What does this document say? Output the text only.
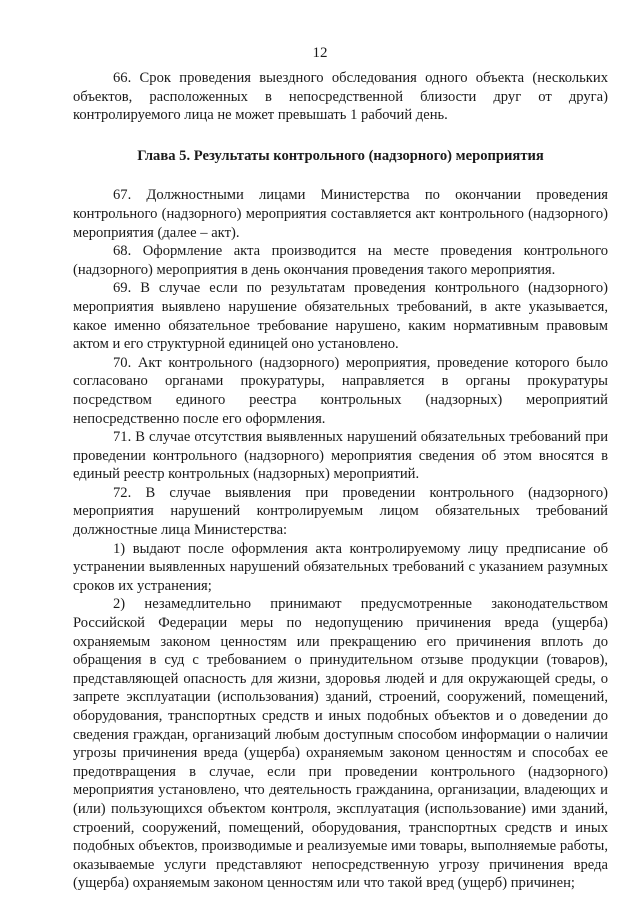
12

66. Срок проведения выездного обследования одного объекта (нескольких объектов, расположенных в непосредственной близости друг от друга) контролируемого лица не может превышать 1 рабочий день.

Глава 5. Результаты контрольного (надзорного) мероприятия

67. Должностными лицами Министерства по окончании проведения контрольного (надзорного) мероприятия составляется акт контрольного (надзорного) мероприятия (далее – акт).

68. Оформление акта производится на месте проведения контрольного (надзорного) мероприятия в день окончания проведения такого мероприятия.

69. В случае если по результатам проведения контрольного (надзорного) мероприятия выявлено нарушение обязательных требований, в акте указывается, какое именно обязательное требование нарушено, каким нормативным правовым актом и его структурной единицей оно установлено.

70. Акт контрольного (надзорного) мероприятия, проведение которого было согласовано органами прокуратуры, направляется в органы прокуратуры посредством единого реестра контрольных (надзорных) мероприятий непосредственно после его оформления.

71. В случае отсутствия выявленных нарушений обязательных требований при проведении контрольного (надзорного) мероприятия сведения об этом вносятся в единый реестр контрольных (надзорных) мероприятий.

72. В случае выявления при проведении контрольного (надзорного) мероприятия нарушений контролируемым лицом обязательных требований должностные лица Министерства:

1) выдают после оформления акта контролируемому лицу предписание об устранении выявленных нарушений обязательных требований с указанием разумных сроков их устранения;

2) незамедлительно принимают предусмотренные законодательством Российской Федерации меры по недопущению причинения вреда (ущерба) охраняемым законом ценностям или прекращению его причинения вплоть до обращения в суд с требованием о принудительном отзыве продукции (товаров), представляющей опасность для жизни, здоровья людей и для окружающей среды, о запрете эксплуатации (использования) зданий, строений, сооружений, помещений, оборудования, транспортных средств и иных подобных объектов и о доведении до сведения граждан, организаций любым доступным способом информации о наличии угрозы причинения вреда (ущерба) охраняемым законом ценностям и способах ее предотвращения в случае, если при проведении контрольного (надзорного) мероприятия установлено, что деятельность гражданина, организации, владеющих и (или) пользующихся объектом контроля, эксплуатация (использование) ими зданий, строений, сооружений, помещений, оборудования, транспортных средств и иных подобных объектов, производимые и реализуемые ими товары, выполняемые работы, оказываемые услуги представляют непосредственную угрозу причинения вреда (ущерба) охраняемым законом ценностям или что такой вред (ущерб) причинен;
